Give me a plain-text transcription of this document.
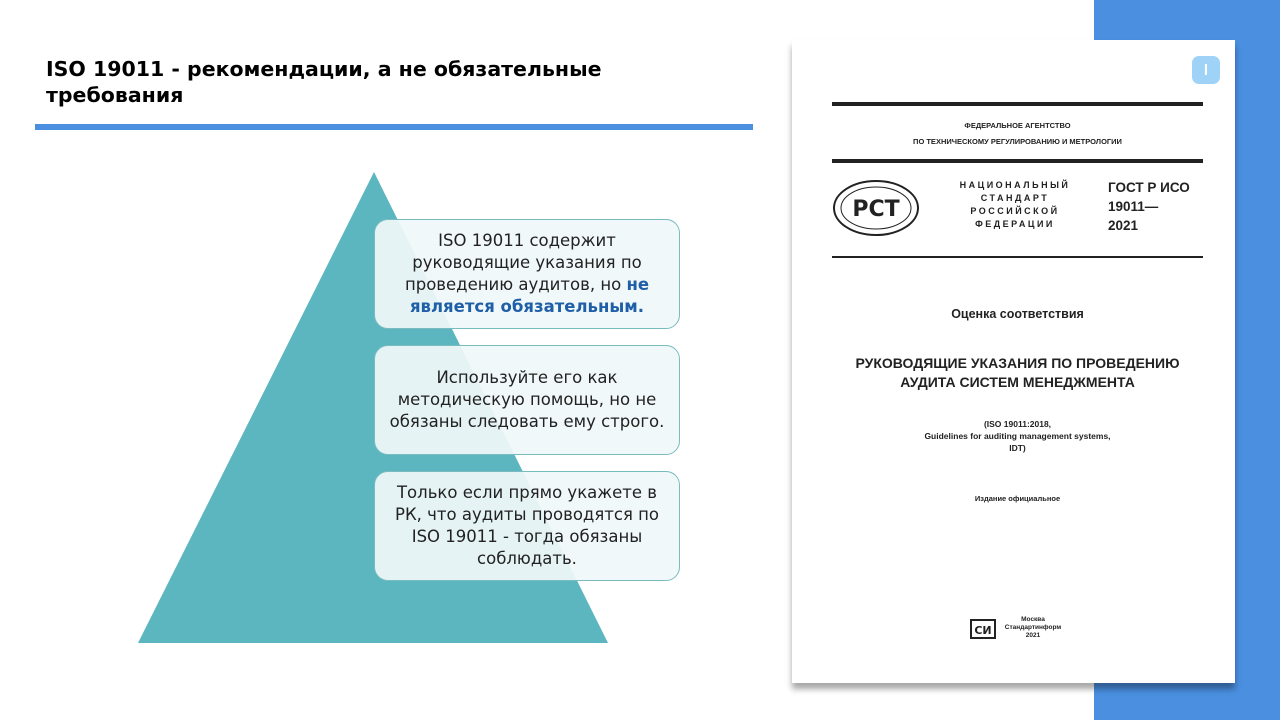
ISO 19011 - рекомендации, а не обязательные требования

ISO 19011 содержит руководящие указания по проведению аудитов, но не является обязательным.

Используйте его как методическую помощь, но не обязаны следовать ему строго.

Только если прямо укажете в РК, что аудиты проводятся по ISO 19011 - тогда обязаны соблюдать.

l
ФЕДЕРАЛЬНОЕ АГЕНТСТВО
ПО ТЕХНИЧЕСКОМУ РЕГУЛИРОВАНИЮ И МЕТРОЛОГИИ
РСТ
НАЦИОНАЛЬНЫЙ
СТАНДАРТ
РОССИЙСКОЙ
ФЕДЕРАЦИИ
ГОСТ Р ИСО
19011—
2021
Оценка соответствия
РУКОВОДЯЩИЕ УКАЗАНИЯ ПО ПРОВЕДЕНИЮ
АУДИТА СИСТЕМ МЕНЕДЖМЕНТА
(ISO 19011:2018,
Guidelines for auditing management systems,
IDT)
Издание официальное
СИ
Москва
Стандартинформ
2021
